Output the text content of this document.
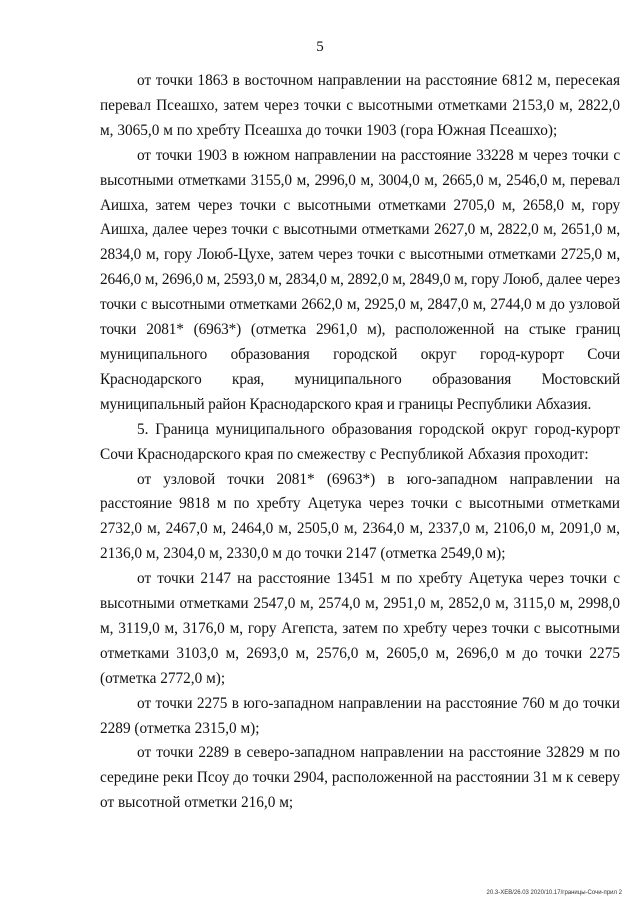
5

от точки 1863 в восточном направлении на расстояние 6812 м, пересекая перевал Псеашхо, затем через точки с высотными отметками 2153,0 м, 2822,0 м, 3065,0 м по хребту Псеашха до точки 1903 (гора Южная Псеашхо);

от точки 1903 в южном направлении на расстояние 33228 м через точки с высотными отметками 3155,0 м, 2996,0 м, 3004,0 м, 2665,0 м, 2546,0 м, перевал Аишха, затем через точки с высотными отметками 2705,0 м, 2658,0 м, гору Аишха, далее через точки с высотными отметками 2627,0 м, 2822,0 м, 2651,0 м, 2834,0 м, гору Лоюб-Цухе, затем через точки с высотными отметками 2725,0 м, 2646,0 м, 2696,0 м, 2593,0 м, 2834,0 м, 2892,0 м, 2849,0 м, гору Лоюб, далее через точки с высотными отметками 2662,0 м, 2925,0 м, 2847,0 м, 2744,0 м до узловой точки 2081* (6963*) (отметка 2961,0 м), расположенной на стыке границ муниципального образования городской округ город-курорт Сочи Краснодарского края, муниципального образования Мостовский муниципальный район Краснодарского края и границы Республики Абхазия.

5. Граница муниципального образования городской округ город-курорт Сочи Краснодарского края по смежеству с Республикой Абхазия проходит:

от узловой точки 2081* (6963*) в юго-западном направлении на расстояние 9818 м по хребту Ацетука через точки с высотными отметками 2732,0 м, 2467,0 м, 2464,0 м, 2505,0 м, 2364,0 м, 2337,0 м, 2106,0 м, 2091,0 м, 2136,0 м, 2304,0 м, 2330,0 м до точки 2147 (отметка 2549,0 м);

от точки 2147 на расстояние 13451 м по хребту Ацетука через точки с высотными отметками 2547,0 м, 2574,0 м, 2951,0 м, 2852,0 м, 3115,0 м, 2998,0 м, 3119,0 м, 3176,0 м, гору Агепста, затем по хребту через точки с высотными отметками 3103,0 м, 2693,0 м, 2576,0 м, 2605,0 м, 2696,0 м до точки 2275 (отметка 2772,0 м);

от точки 2275 в юго-западном направлении на расстояние 760 м до точки 2289 (отметка 2315,0 м);

от точки 2289 в северо-западном направлении на расстояние 32829 м по середине реки Псоу до точки 2904, расположенной на расстоянии 31 м к северу от высотной отметки 216,0 м;

20.3-ХЕВ/26.03 2020/10.17/границы-Сочи-прил 2
